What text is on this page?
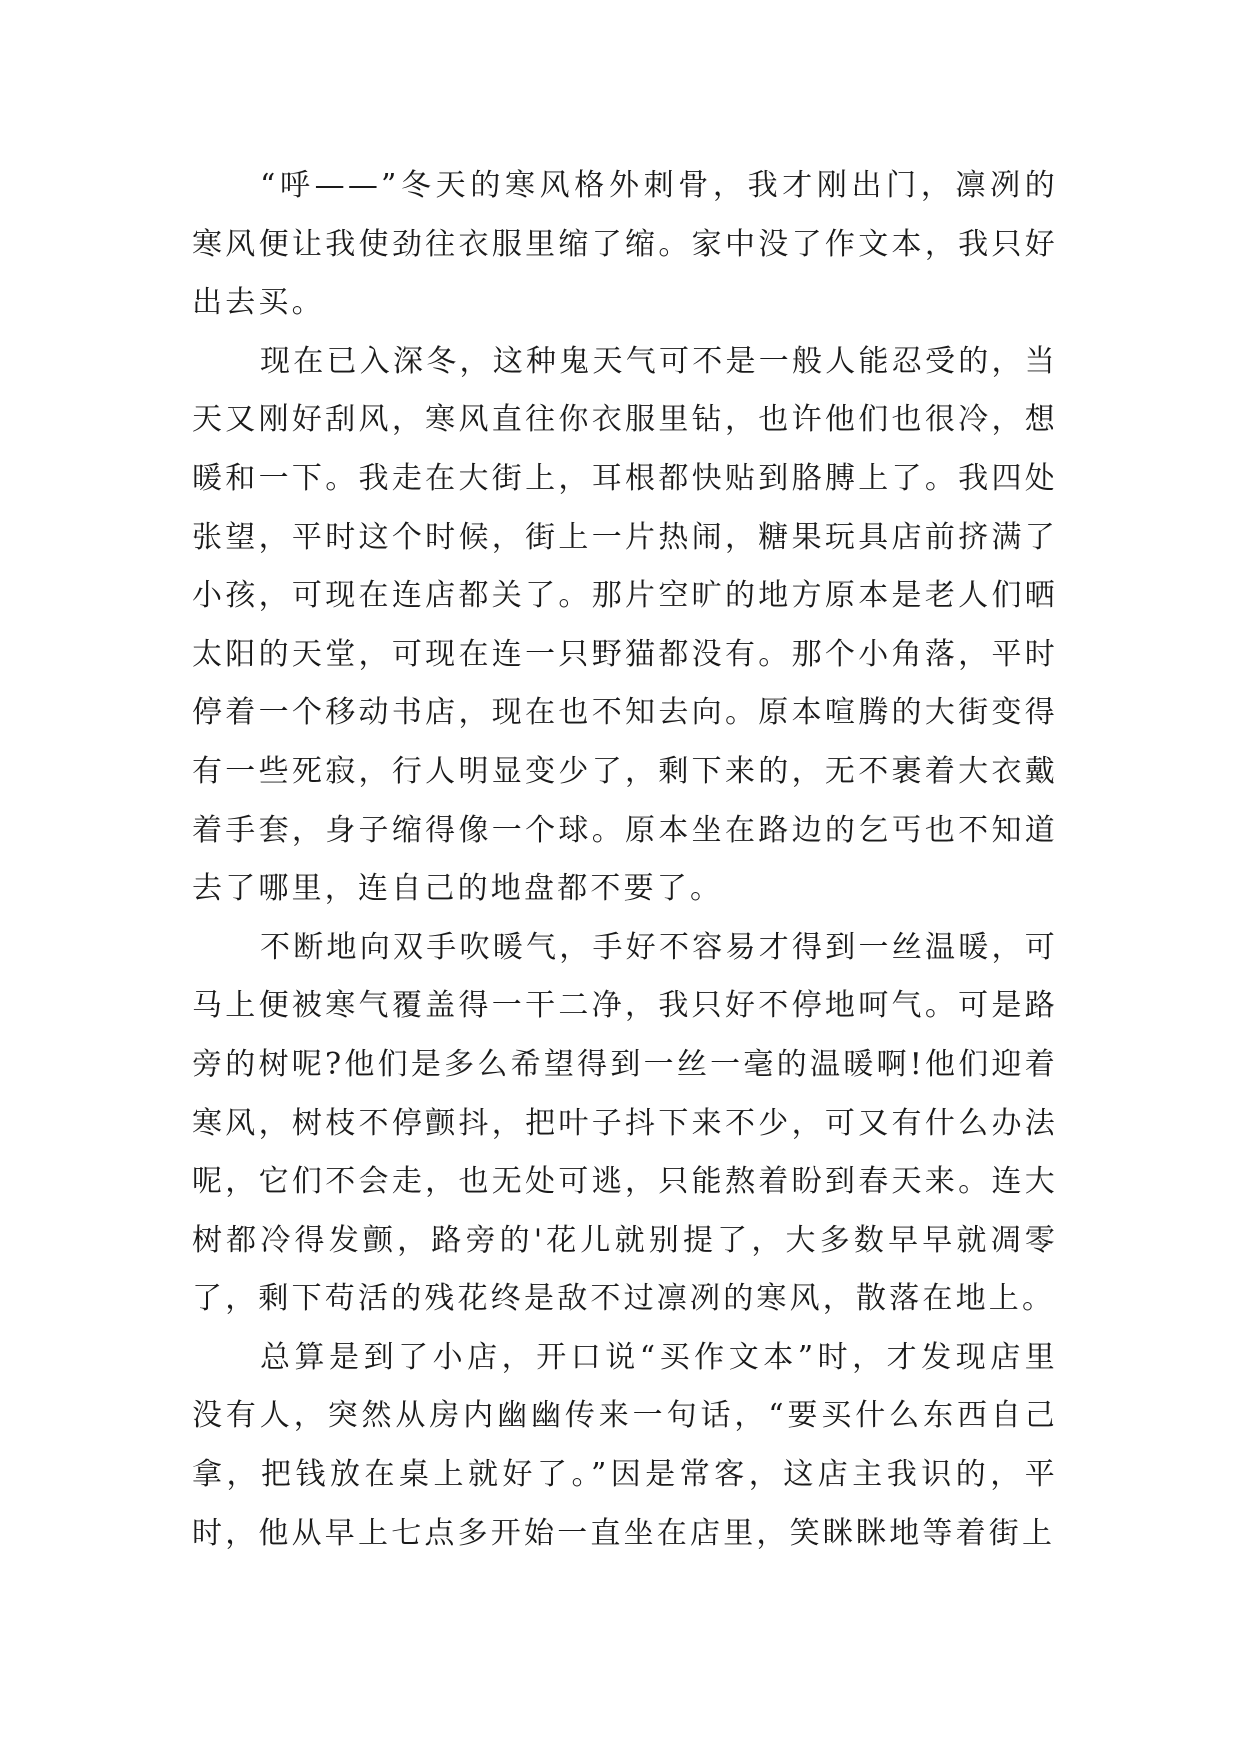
“呼——”冬天的寒风格外刺骨，我才刚出门，凛冽的寒风便让我使劲往衣服里缩了缩。家中没了作文本，我只好出去买。

现在已入深冬，这种鬼天气可不是一般人能忍受的，当天又刚好刮风，寒风直往你衣服里钻，也许他们也很冷，想暖和一下。我走在大街上，耳根都快贴到胳膊上了。我四处张望，平时这个时候，街上一片热闹，糖果玩具店前挤满了小孩，可现在连店都关了。那片空旷的地方原本是老人们晒太阳的天堂，可现在连一只野猫都没有。那个小角落，平时停着一个移动书店，现在也不知去向。原本喧腾的大街变得有一些死寂，行人明显变少了，剩下来的，无不裹着大衣戴着手套，身子缩得像一个球。原本坐在路边的乞丐也不知道去了哪里，连自己的地盘都不要了。

不断地向双手吹暖气，手好不容易才得到一丝温暖，可马上便被寒气覆盖得一干二净，我只好不停地呵气。可是路旁的树呢?他们是多么希望得到一丝一毫的温暖啊!他们迎着寒风，树枝不停颤抖，把叶子抖下来不少，可又有什么办法呢，它们不会走，也无处可逃，只能熬着盼到春天来。连大树都冷得发颤，路旁的'花儿就别提了，大多数早早就凋零了，剩下苟活的残花终是敌不过凛冽的寒风，散落在地上。

总算是到了小店，开口说“买作文本”时，才发现店里没有人，突然从房内幽幽传来一句话，“要买什么东西自己拿，把钱放在桌上就好了。”因是常客，这店主我识的，平时，他从早上七点多开始一直坐在店里，笑眯眯地等着街上
